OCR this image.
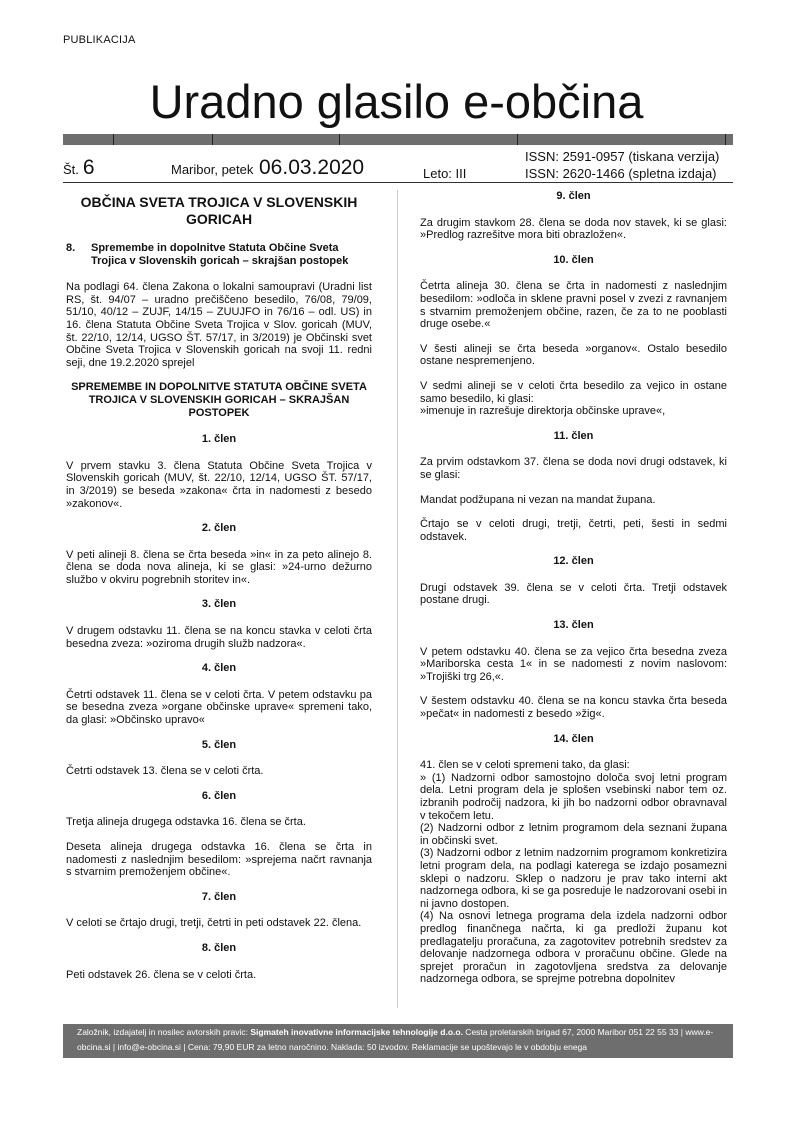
PUBLIKACIJA
Uradno glasilo e-občina
Št. 6	Maribor, petek 06.03.2020	Leto: III
ISSN: 2591-0957 (tiskana verzija)
ISSN: 2620-1466 (spletna izdaja)
OBČINA SVETA TROJICA V SLOVENSKIH GORICAH
8.	Spremembe in dopolnitve Statuta Občine Sveta Trojica v Slovenskih goricah – skrajšan postopek

Na podlagi 64. člena Zakona o lokalni samoupravi (Uradni list RS, št. 94/07 – uradno prečiščeno besedilo, 76/08, 79/09, 51/10, 40/12 – ZUJF, 14/15 – ZUUJFO in 76/16 – odl. US) in 16. člena Statuta Občine Sveta Trojica v Slov. goricah (MUV, št. 22/10, 12/14, UGSO ŠT. 57/17, in 3/2019) je Občinski svet Občine Sveta Trojica v Slovenskih goricah na svoji 11. redni seji, dne 19.2.2020 sprejel

SPREMEMBE IN DOPOLNITVE STATUTA OBČINE SVETA TROJICA V SLOVENSKIH GORICAH – SKRAJŠAN POSTOPEK
1. člen

V prvem stavku 3. člena Statuta Občine Sveta Trojica v Slovenskih goricah (MUV, št. 22/10, 12/14, UGSO ŠT. 57/17, in 3/2019) se beseda »zakona« črta in nadomesti z besedo »zakonov«.

2. člen

V peti alineji 8. člena se črta beseda »in« in za peto alinejo 8. člena se doda nova alineja, ki se glasi: »24-urno dežurno službo v okviru pogrebnih storitev in«.

3. člen

V drugem odstavku 11. člena se na koncu stavka v celoti črta besedna zveza: »oziroma drugih služb nadzora«.

4. člen

Četrti odstavek 11. člena se v celoti črta. V petem odstavku pa se besedna zveza »organe občinske uprave« spremeni tako, da glasi: »Občinsko upravo«

5. člen

Četrti odstavek 13. člena se v celoti črta.

6. člen

Tretja alineja drugega odstavka 16. člena se črta.

Deseta alineja drugega odstavka 16. člena se črta in nadomesti z naslednjim besedilom: »sprejema načrt ravnanja s stvarnim premoženjem občine«.

7. člen

V celoti se črtajo drugi, tretji, četrti in peti odstavek 22. člena.

8. člen

Peti odstavek 26. člena se v celoti črta.

9. člen

Za drugim stavkom 28. člena se doda nov stavek, ki se glasi: »Predlog razrešitve mora biti obrazložen«.

10. člen

Četrta alineja 30. člena se črta in nadomesti z naslednjim besedilom: »odloča in sklene pravni posel v zvezi z ravnanjem s stvarnim premoženjem občine, razen, če za to ne pooblasti druge osebe.«

V šesti alineji se črta beseda »organov«. Ostalo besedilo ostane nespremenjeno.

V sedmi alineji se v celoti črta besedilo za vejico in ostane samo besedilo, ki glasi:

»imenuje in razrešuje direktorja občinske uprave«,

11. člen

Za prvim odstavkom 37. člena se doda novi drugi odstavek, ki se glasi:

Mandat podžupana ni vezan na mandat župana.

Črtajo se v celoti drugi, tretji, četrti, peti, šesti in sedmi odstavek.

12. člen

Drugi odstavek 39. člena se v celoti črta. Tretji odstavek postane drugi.

13. člen

V petem odstavku 40. člena se za vejico črta besedna zveza »Mariborska cesta 1« in se nadomesti z novim naslovom: »Trojiški trg 26,«.

V šestem odstavku 40. člena se na koncu stavka črta beseda »pečat« in nadomesti z besedo »žig«.

14. člen

41. člen se v celoti spremeni tako, da glasi:

» (1) Nadzorni odbor samostojno določa svoj letni program dela. Letni program dela je splošen vsebinski nabor tem oz. izbranih področij nadzora, ki jih bo nadzorni odbor obravnaval v tekočem letu.

(2) Nadzorni odbor z letnim programom dela seznani župana in občinski svet.

(3) Nadzorni odbor z letnim nadzornim programom konkretizira letni program dela, na podlagi katerega se izdajo posamezni sklepi o nadzoru. Sklep o nadzoru je prav tako interni akt nadzornega odbora, ki se ga posreduje le nadzorovani osebi in ni javno dostopen.

(4) Na osnovi letnega programa dela izdela nadzorni odbor predlog finančnega načrta, ki ga predloži županu kot predlagatelju proračuna, za zagotovitev potrebnih sredstev za delovanje nadzornega odbora v proračunu občine. Glede na sprejet proračun in zagotovljena sredstva za delovanje nadzornega odbora, se sprejme potrebna dopolnitev

Založnik, izdajatelj in nosilec avtorskih pravic: Sigmateh inovativne informacijske tehnologije d.o.o. Cesta proletarskih brigad 67, 2000 Maribor 051 22 55 33 | www.e-obcina.si | info@e-obcina.si | Cena: 79,90 EUR za letno naročnino. Naklada: 50 izvodov. Reklamacije se upoštevajo le v obdobju enega
